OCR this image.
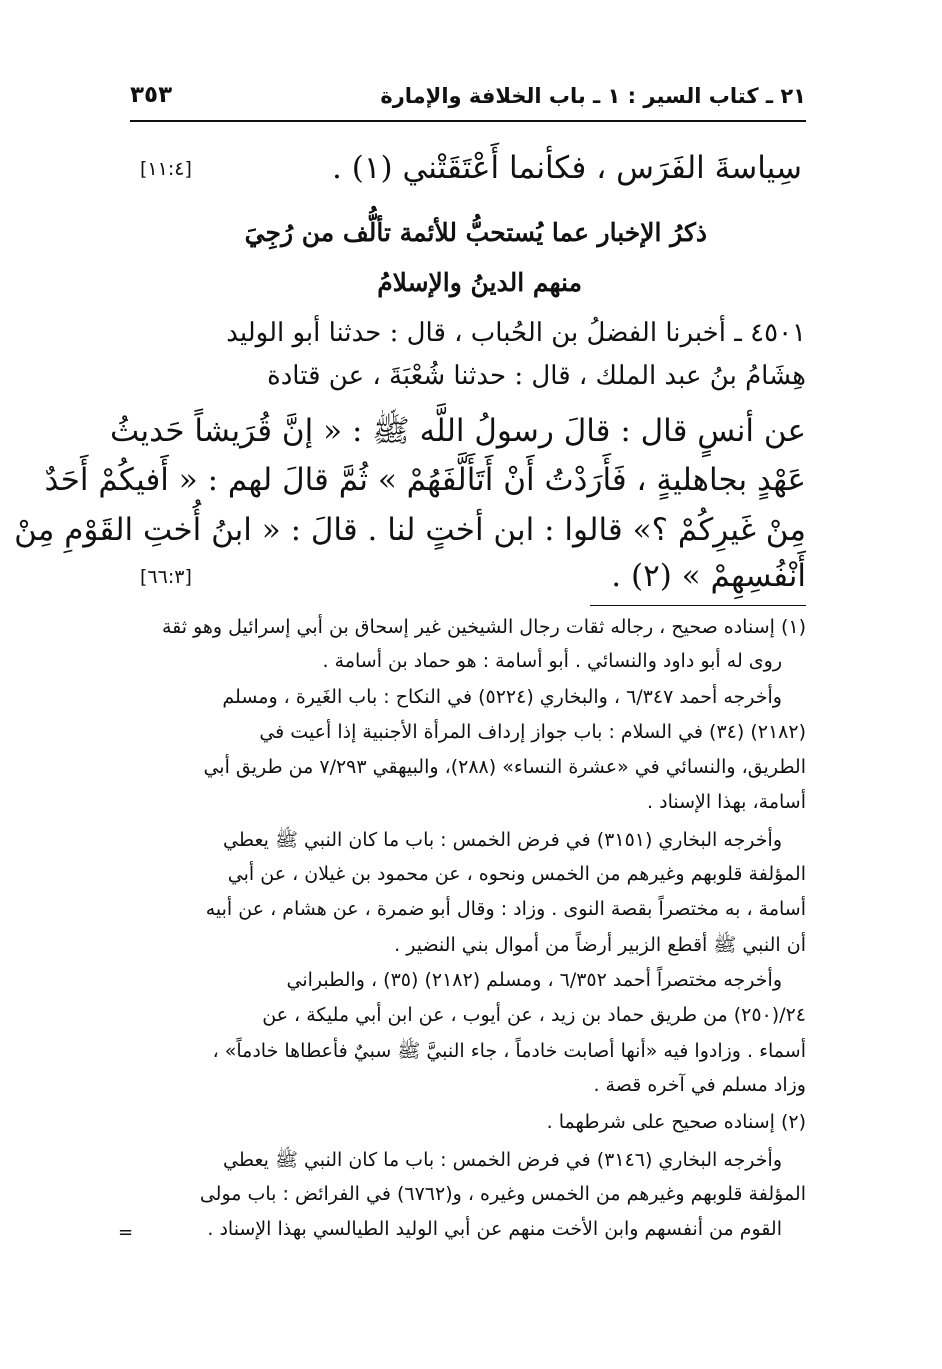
٢١ ـ كتاب السير : ١ ـ باب الخلافة والإمارة
٣٥٣
سِياسةَ الفَرَس ، فكأنما أَعْتَقَتْني (١) .
[١١:٤]
ذكرُ الإخبار عما يُستحبُّ للأئمة تألُّف من رُجِيَ
منهم الدينُ والإسلامُ
٤٥٠١ ـ أخبرنا الفضلُ بن الحُباب ، قال : حدثنا أبو الوليد
هِشَامُ بنُ عبد الملك ، قال : حدثنا شُعْبَةَ ، عن قتادة
عن أنسٍ قال : قالَ رسولُ اللَّه ﷺ : « إنَّ قُرَيشاً حَديثُ
عَهْدٍ بجاهليةٍ ، فَأَرَدْتُ أَنْ أَتَأَلَّفَهُمْ » ثُمَّ قالَ لهم : « أَفيكُمْ أَحَدٌ
مِنْ غَيرِكُمْ ؟» قالوا : ابن أختٍ لنا . قالَ : « ابنُ أُختِ القَوْمِ مِنْ
أَنْفُسِهِمْ » (٢) .
[٦٦:٣]
(١) إسناده صحيح ، رجاله ثقات رجال الشيخين غير إسحاق بن أبي إسرائيل وهو ثقة
روى له أبو داود والنسائي . أبو أسامة : هو حماد بن أسامة .
وأخرجه أحمد ٦/٣٤٧ ، والبخاري (٥٢٢٤) في النكاح : باب الغَيرة ، ومسلم
(٢١٨٢) (٣٤) في السلام : باب جواز إرداف المرأة الأجنبية إذا أعيت في
الطريق، والنسائي في «عشرة النساء» (٢٨٨)، والبيهقي ٧/٢٩٣ من طريق أبي
أسامة، بهذا الإسناد .
وأخرجه البخاري (٣١٥١) في فرض الخمس : باب ما كان النبي ﷺ يعطي
المؤلفة قلوبهم وغيرهم من الخمس ونحوه ، عن محمود بن غيلان ، عن أبي
أسامة ، به مختصراً بقصة النوى . وزاد : وقال أبو ضمرة ، عن هشام ، عن أبيه
أن النبي ﷺ أقطع الزبير أرضاً من أموال بني النضير .
وأخرجه مختصراً أحمد ٦/٣٥٢ ، ومسلم (٢١٨٢) (٣٥) ، والطبراني
٢٤/(٢٥٠) من طريق حماد بن زيد ، عن أيوب ، عن ابن أبي مليكة ، عن
أسماء . وزادوا فيه «أنها أصابت خادماً ، جاء النبيَّ ﷺ سبيٌ فأعطاها خادماً» ،
وزاد مسلم في آخره قصة .
(٢) إسناده صحيح على شرطهما .
وأخرجه البخاري (٣١٤٦) في فرض الخمس : باب ما كان النبي ﷺ يعطي
المؤلفة قلوبهم وغيرهم من الخمس وغيره ، و(٦٧٦٢) في الفرائض : باب مولى
القوم من أنفسهم وابن الأخت منهم عن أبي الوليد الطيالسي بهذا الإسناد .
=
